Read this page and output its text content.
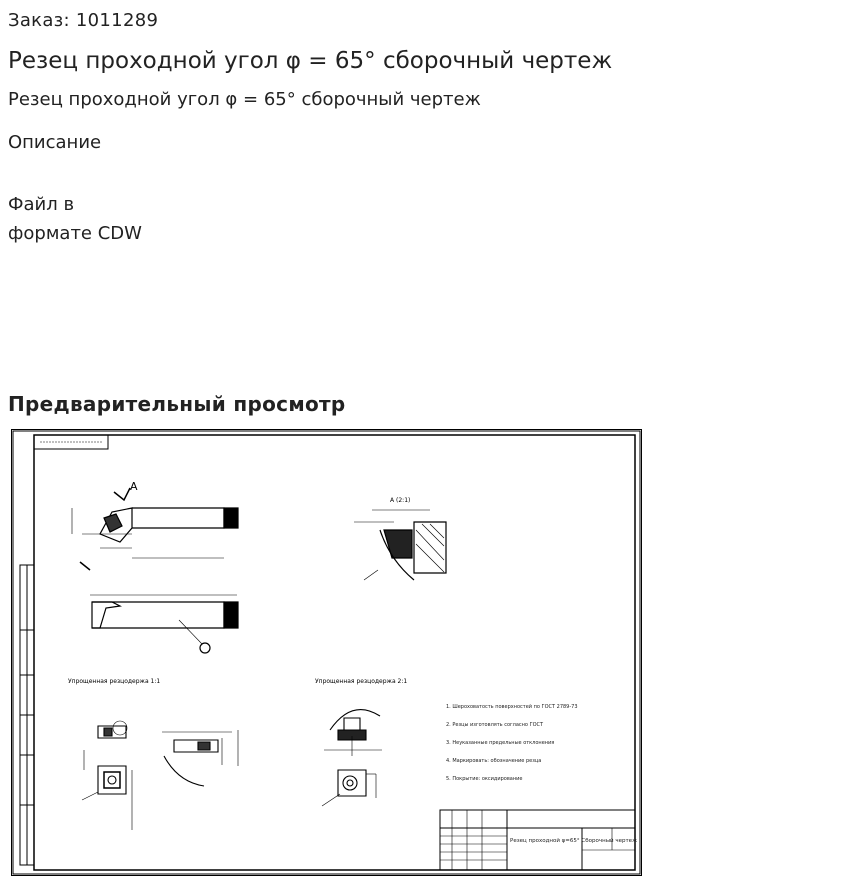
Заказ: 1011289
Резец проходной угол φ = 65° сборочный чертеж
Резец проходной угол φ = 65° сборочный чертеж
Описание
Файл в
формате CDW
Предварительный просмотр
A
А (2:1)
Упрощенная резцодержа 1:1	Упрощенная резцодержа 2:1
1. Шероховатость поверхностей по ГОСТ 2789-73
2. Резцы изготовлять согласно ГОСТ
3. Неуказанные предельные отклонения
4. Маркировать: обозначение резца
5. Покрытие: оксидирование
Резец проходной φ=65° Сборочный чертеж
